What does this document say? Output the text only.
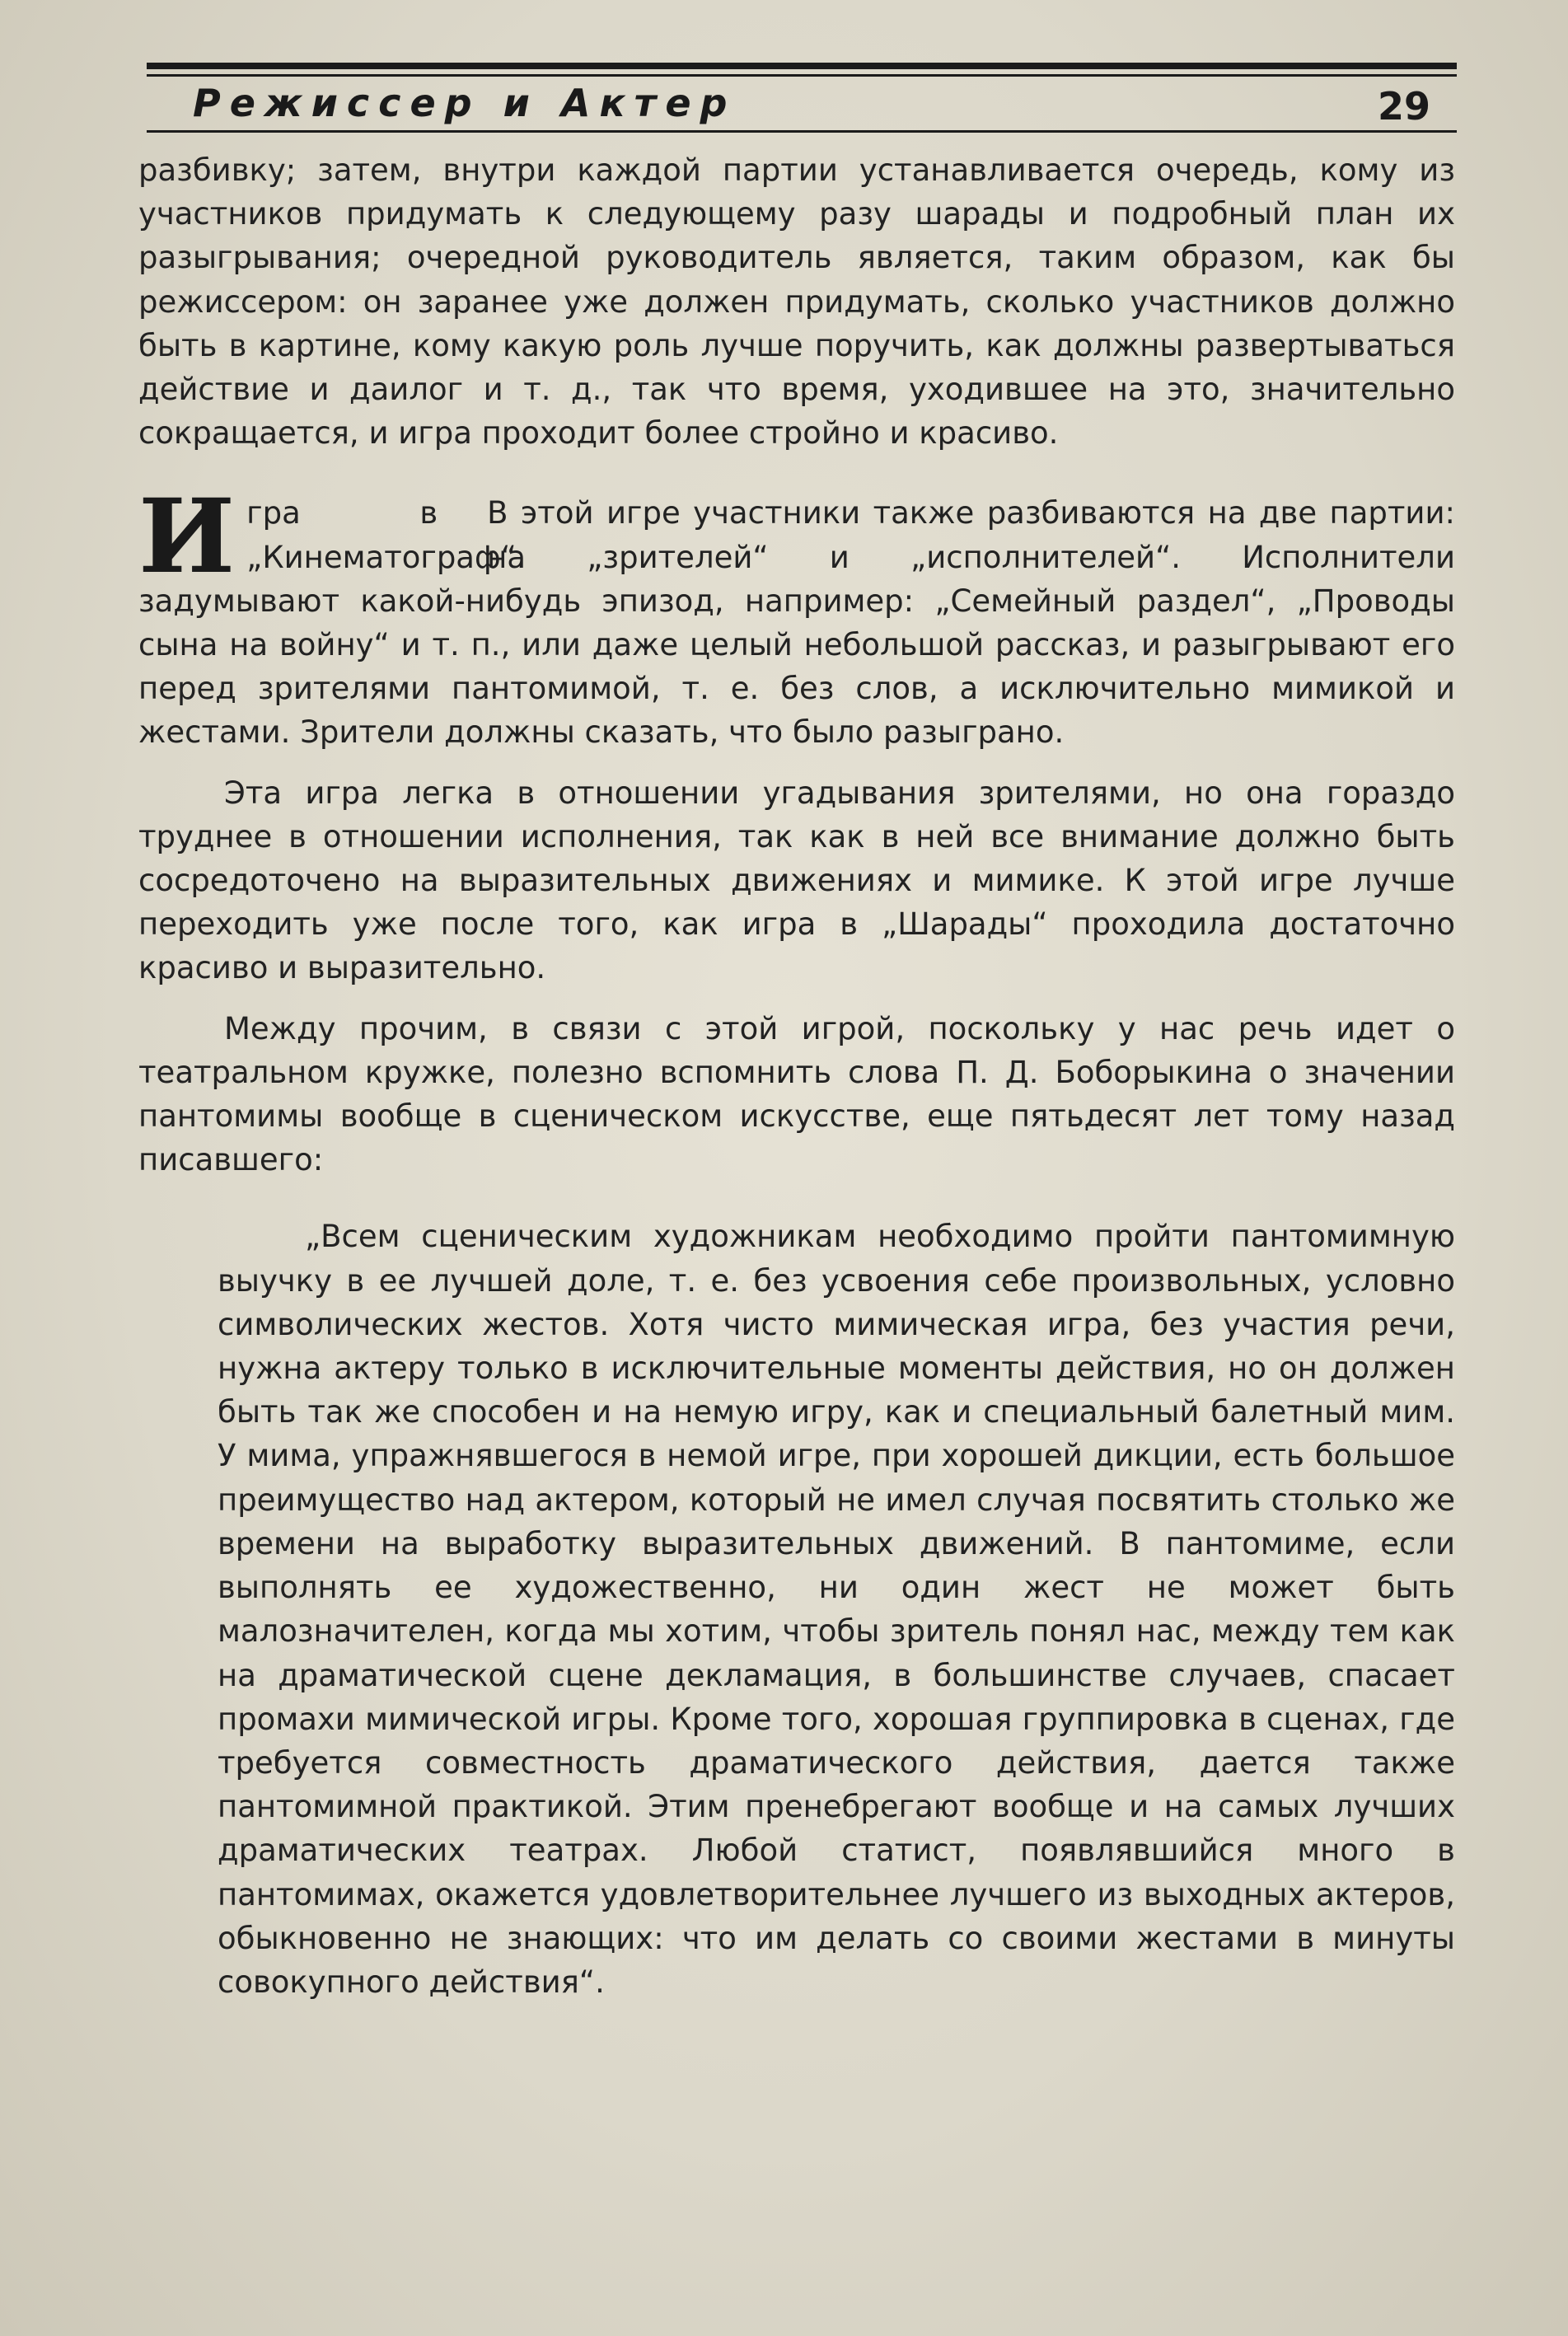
Режиссер и Актер	29

разбивку; затем, внутри каждой партии устанавливается очередь, кому из участников придумать к следующему разу шарады и подробный план их разыгрывания; очередной руководитель является, таким образом, как бы режиссером: он заранее уже должен придумать, сколько участников должно быть в картине, кому какую роль лучше поручить, как должны развертываться действие и даилог и т. д., так что время, уходившее на это, значительно сокращается, и игра проходит более стройно и красиво.

И гра в „Кинематограф“.
В этой игре участники также разбиваются на две партии: на „зрителей“ и „исполнителей“. Исполнители задумывают какой-нибудь эпизод, например: „Семейный раздел“, „Проводы сына на войну“ и т. п., или даже целый небольшой рассказ, и разыгрывают его перед зрителями пантомимой, т. е. без слов, а исключительно мимикой и жестами. Зрители должны сказать, что было разыграно.

Эта игра легка в отношении угадывания зрителями, но она гораздо труднее в отношении исполнения, так как в ней все внимание должно быть сосредоточено на выразительных движениях и мимике. К этой игре лучше переходить уже после того, как игра в „Шарады“ проходила достаточно красиво и выразительно.

Между прочим, в связи с этой игрой, поскольку у нас речь идет о театральном кружке, полезно вспомнить слова П. Д. Боборыкина о значении пантомимы вообще в сценическом искусстве, еще пятьдесят лет тому назад писавшего:

„Всем сценическим художникам необходимо пройти пантомимную выучку в ее лучшей доле, т. е. без усвоения себе произвольных, условно символических жестов. Хотя чисто мимическая игра, без участия речи, нужна актеру только в исключительные моменты действия, но он должен быть так же способен и на немую игру, как и специальный балетный мим. У мима, упражнявшегося в немой игре, при хорошей дикции, есть большое преимущество над актером, который не имел случая посвятить столько же времени на выработку выразительных движений. В пантомиме, если выполнять ее художественно, ни один жест не может быть малозначителен, когда мы хотим, чтобы зритель понял нас, между тем как на драматической сцене декламация, в большинстве случаев, спасает промахи мимической игры. Кроме того, хорошая группировка в сценах, где требуется совместность драматического действия, дается также пантомимной практикой. Этим пренебрегают вообще и на самых лучших драматических театрах. Любой статист, появлявшийся много в пантомимах, окажется удовлетворительнее лучшего из выходных актеров, обыкновенно не знающих: что им делать со своими жестами в минуты совокупного действия“.
